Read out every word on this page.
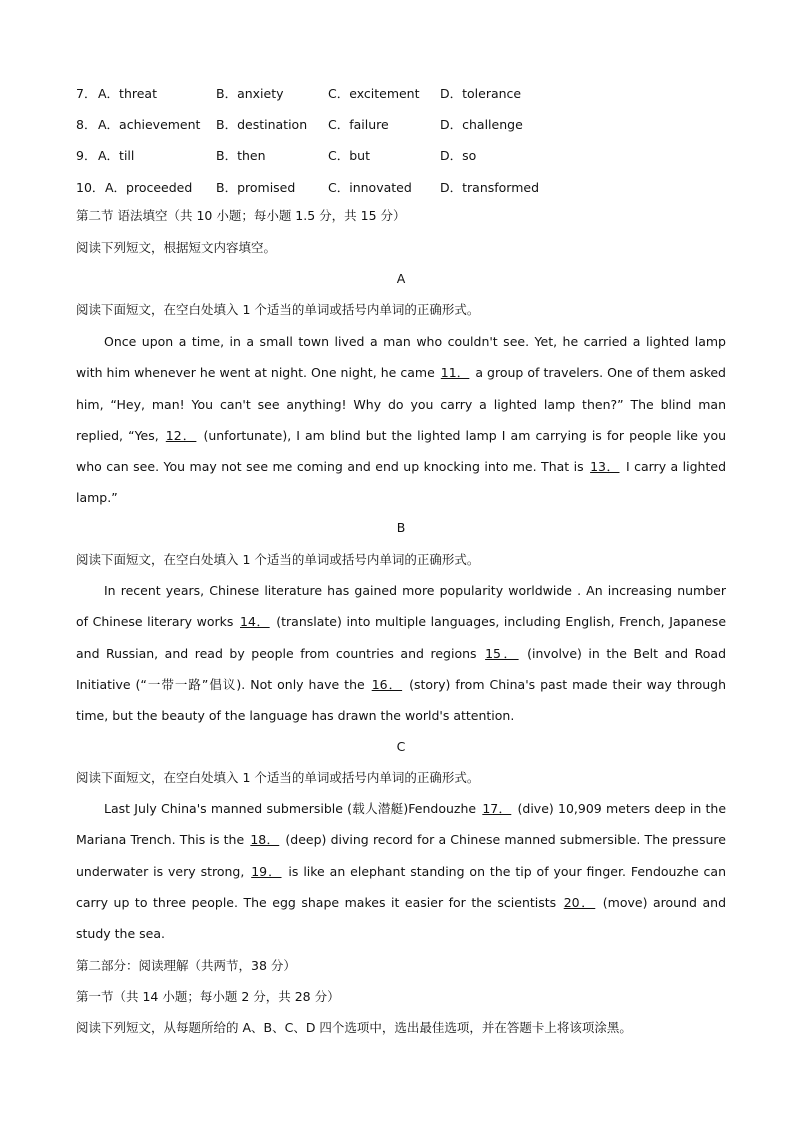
7． A．threat	B．anxiety	C．excitement D．tolerance
8． A．achievement B．destination C．failure	D．challenge
9． A．till	B．then	C．but	D．so
10． A．proceeded B．promised	C．innovated D．transformed
第二节 语法填空（共 10 小题；每小题 1.5 分，共 15 分）
阅读下列短文，根据短文内容填空。
A
阅读下面短文，在空白处填入 1 个适当的单词或括号内单词的正确形式。

Once upon a time, in a small town lived a man who couldn't see. Yet, he carried a lighted lamp with him whenever he went at night. One night, he came 11． a group of travelers. One of them asked him, “Hey, man! You can't see anything! Why do you carry a lighted lamp then?” The blind man replied, “Yes, 12． (unfortunate), I am blind but the lighted lamp I am carrying is for people like you who can see. You may not see me coming and end up knocking into me. That is 13． I carry a lighted lamp.”

B
阅读下面短文，在空白处填入 1 个适当的单词或括号内单词的正确形式。

In recent years, Chinese literature has gained more popularity worldwide . An increasing number of Chinese literary works 14． (translate) into multiple languages, including English, French, Japanese and Russian, and read by people from countries and regions 15． (involve) in the Belt and Road Initiative (“一带一路”倡议). Not only have the 16． (story) from China's past made their way through time, but the beauty of the language has drawn the world's attention.

C
阅读下面短文，在空白处填入 1 个适当的单词或括号内单词的正确形式。

Last July China's manned submersible (载人潜艇)Fendouzhe 17． (dive) 10,909 meters deep in the Mariana Trench. This is the 18． (deep) diving record for a Chinese manned submersible. The pressure underwater is very strong, 19． is like an elephant standing on the tip of your finger. Fendouzhe can carry up to three people. The egg shape makes it easier for the scientists 20． (move) around and study the sea.

第二部分：阅读理解（共两节，38 分）
第一节（共 14 小题；每小题 2 分，共 28 分）
阅读下列短文，从每题所给的 A、B、C、D 四个选项中，选出最佳选项，并在答题卡上将该项涂黑。
